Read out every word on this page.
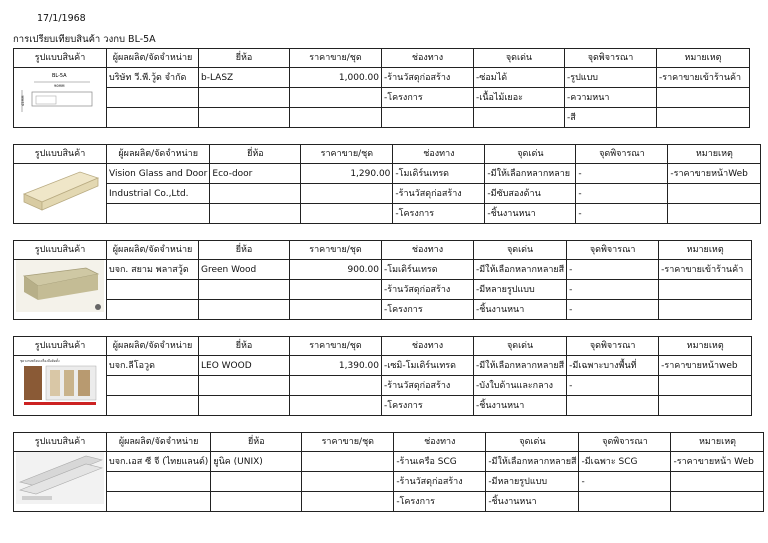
17/1/1968
การเปรียบเทียบสินค้า วงกบ BL-5A
รูปแบบสินค้า	ผู้ผลผลิต/จัดจำหน่าย	ยี่ห้อ	ราคาขาย/ชุด	ช่องทาง	จุดเด่น	จุดพิจารณา	หมายเหตุ

BL-5A
90MM
45MM	บริษัท วี.พี.วู้ด จำกัด	b-LASZ	1,000.00	-ร้านวัสดุก่อสร้าง	-ซ่อมได้	-รูปแบบ	-ราคาขายเข้าร้านค้า
				-โครงการ	-เนื้อไม้เยอะ	-ความหนา	
						-สี	
รูปแบบสินค้า	ผู้ผลผลิต/จัดจำหน่าย	ยี่ห้อ	ราคาขาย/ชุด	ช่องทาง	จุดเด่น	จุดพิจารณา	หมายเหตุ
	Vision Glass and Door	Eco-door	1,290.00	-โมเดิร์นเทรด	-มีให้เลือกหลากหลาย	-	-ราคาขายหน้าWeb
	Industrial Co.,Ltd.			-ร้านวัสดุก่อสร้าง	-มีซับสองด้าน	-	
				-โครงการ	-ชิ้นงานหนา	-	
รูปแบบสินค้า	ผู้ผลผลิต/จัดจำหน่าย	ยี่ห้อ	ราคาขาย/ชุด	ช่องทาง	จุดเด่น	จุดพิจารณา	หมายเหตุ
	บจก. สยาม พลาสวู้ด	Green Wood	900.00	-โมเดิร์นเทรด	-มีให้เลือกหลากหลายสี	-	-ราคาขายเข้าร้านค้า
				-ร้านวัสดุก่อสร้าง	-มีหลายรูปแบบ	-	
				-โครงการ	-ชิ้นงานหนา	-	
รูปแบบสินค้า	ผู้ผลผลิต/จัดจำหน่าย	ยี่ห้อ	ราคาขาย/ชุด	ช่องทาง	จุดเด่น	จุดพิจารณา	หมายเหตุ

ชุดวงกบพร้อมเครื่องมือติดตั้ง	บจก.ลีโอวูด	LEO WOOD	1,390.00	-เซมิ-โมเดิร์นเทรด	-มีให้เลือกหลากหลายสี	-มีเฉพาะบางพื้นที่	-ราคาขายหน้าweb
				-ร้านวัสดุก่อสร้าง	-บังใบด้านและกลาง	-	
				-โครงการ	-ชิ้นงานหนา		
รูปแบบสินค้า	ผู้ผลผลิต/จัดจำหน่าย	ยี่ห้อ	ราคาขาย/ชุด	ช่องทาง	จุดเด่น	จุดพิจารณา	หมายเหตุ
	บจก.เอส ซี จี (ไทยแลนด์)	ยูนิค (UNIX)		-ร้านเครือ SCG	-มีให้เลือกหลากหลายสี	-มีเฉพาะ SCG	-ราคาขายหน้า Web
				-ร้านวัสดุก่อสร้าง	-มีหลายรูปแบบ	-	
				-โครงการ	-ชิ้นงานหนา		
